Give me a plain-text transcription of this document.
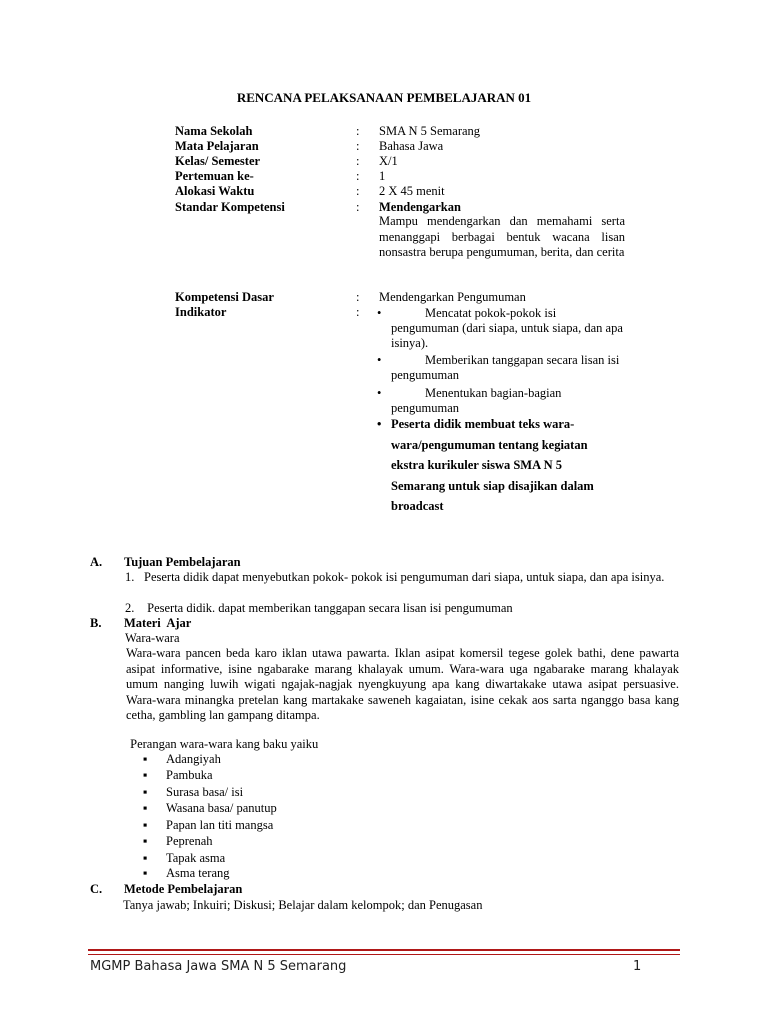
RENCANA PELAKSANAAN PEMBELAJARAN 01
Nama Sekolah	: SMA N 5 Semarang
Mata Pelajaran	: Bahasa Jawa
Kelas/ Semester	: X/1
Pertemuan ke-	: 1
Alokasi Waktu	: 2 X 45 menit
Standar Kompetensi	: Mendengarkan
Mampu mendengarkan dan memahami serta menanggapi berbagai bentuk wacana lisan nonsastra berupa pengumuman, berita, dan cerita
Kompetensi Dasar	: Mendengarkan Pengumuman
Indikator	: •	Mencatat pokok-pokok isi pengumuman (dari siapa, untuk siapa, dan apa isinya).
•	Memberikan tanggapan secara lisan isi pengumuman
•	Menentukan bagian-bagian pengumuman
• Peserta didik membuat teks wara-
wara/pengumuman tentang kegiatan
ekstra kurikuler siswa SMA N 5
Semarang untuk siap disajikan dalam
broadcast
A. Tujuan Pembelajaran
1. Peserta didik dapat menyebutkan pokok- pokok isi pengumuman dari siapa, untuk siapa, dan apa isinya.
2. Peserta didik. dapat memberikan tanggapan secara lisan isi pengumuman
B. Materi  Ajar
Wara-wara
Wara-wara pancen beda karo iklan utawa pawarta. Iklan asipat komersil tegese golek bathi, dene pawarta asipat informative, isine ngabarake marang khalayak umum. Wara-wara uga ngabarake marang khalayak umum nanging luwih wigati ngajak-nagjak nyengkuyung apa kang diwartakake utawa asipat persuasive. Wara-wara minangka pretelan kang martakake saweneh kagaiatan, isine cekak aos sarta nganggo basa kang cetha, gambling lan gampang ditampa.
Perangan wara-wara kang baku yaiku
▪ Adangiyah
▪ Pambuka
▪ Surasa basa/ isi
▪ Wasana basa/ panutup
▪ Papan lan titi mangsa
▪ Peprenah
▪ Tapak asma
▪ Asma terang
C. Metode Pembelajaran
Tanya jawab; Inkuiri; Diskusi; Belajar dalam kelompok; dan Penugasan
MGMP Bahasa Jawa SMA N 5 Semarang	1
